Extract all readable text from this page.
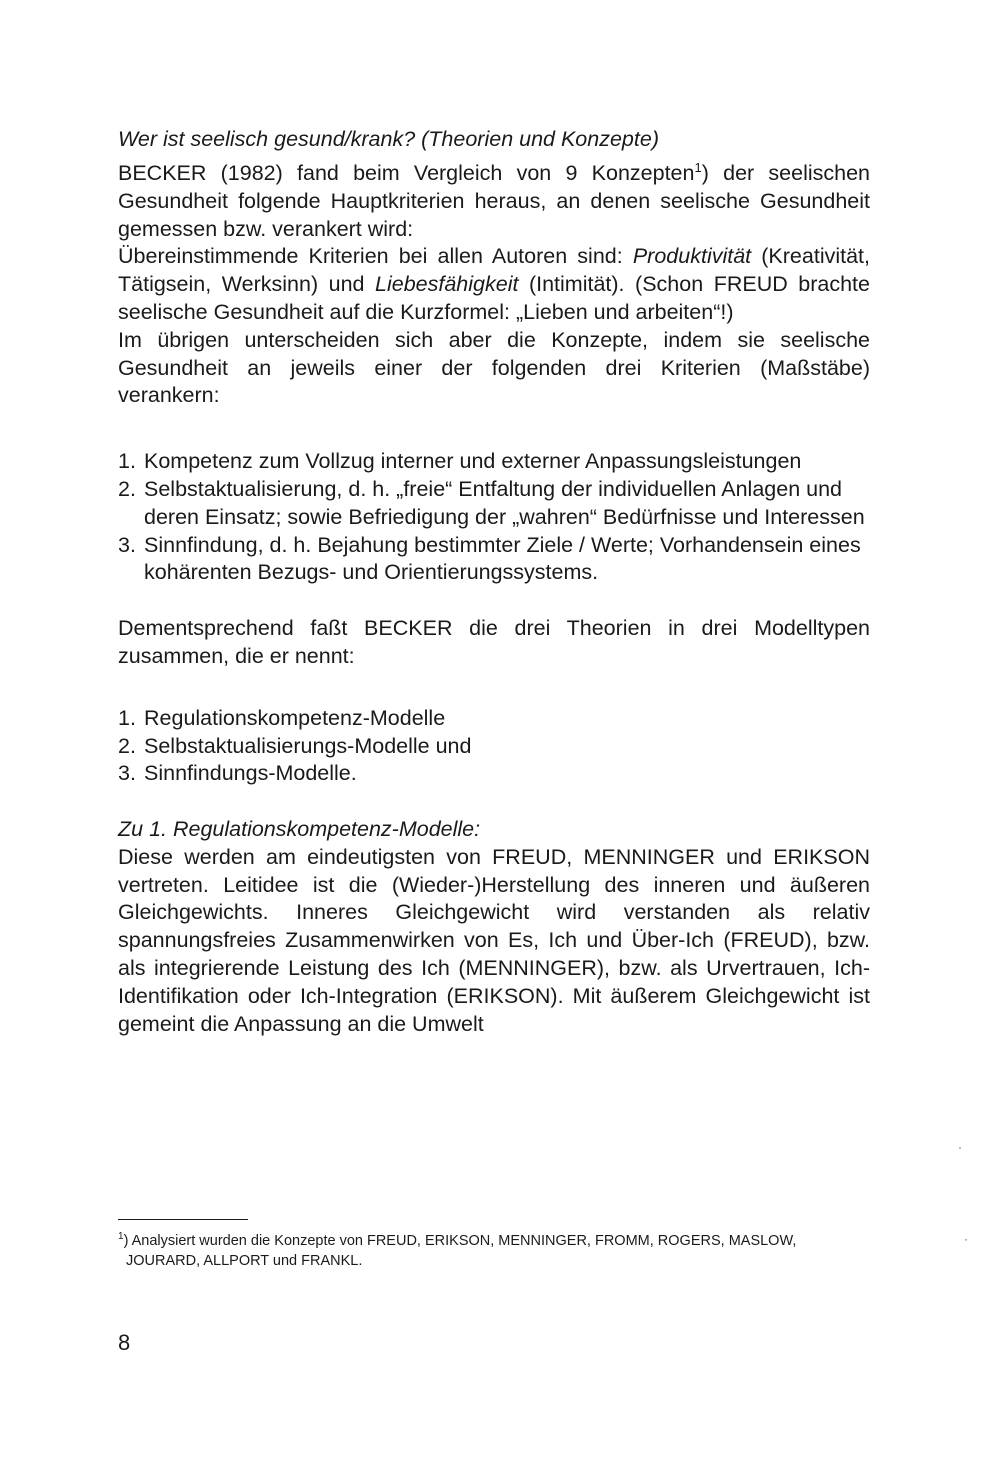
Wer ist seelisch gesund/krank? (Theorien und Konzepte)

BECKER (1982) fand beim Vergleich von 9 Konzepten$^1$) der seelischen Gesundheit folgende Hauptkriterien heraus, an denen seelische Gesundheit gemessen bzw. verankert wird:

Übereinstimmende Kriterien bei allen Autoren sind: Produktivität (Kreativität, Tätigsein, Werksinn) und Liebesfähigkeit (Intimität). (Schon FREUD brachte seelische Gesundheit auf die Kurzformel: „Lieben und arbeiten“!)

Im übrigen unterscheiden sich aber die Konzepte, indem sie seelische Gesundheit an jeweils einer der folgenden drei Kriterien (Maßstäbe) verankern:

1. Kompetenz zum Vollzug interner und externer Anpassungsleistungen
2. Selbstaktualisierung, d. h. „freie“ Entfaltung der individuellen Anlagen und deren Einsatz; sowie Befriedigung der „wahren“ Bedürfnisse und Interessen
3. Sinnfindung, d. h. Bejahung bestimmter Ziele / Werte; Vorhandensein eines kohärenten Bezugs- und Orientierungssystems.

Dementsprechend faßt BECKER die drei Theorien in drei Modelltypen zusammen, die er nennt:

1. Regulationskompetenz-Modelle
2. Selbstaktualisierungs-Modelle und
3. Sinnfindungs-Modelle.

Zu 1. Regulationskompetenz-Modelle:

Diese werden am eindeutigsten von FREUD, MENNINGER und ERIKSON vertreten. Leitidee ist die (Wieder-)Herstellung des inneren und äußeren Gleichgewichts. Inneres Gleichgewicht wird verstanden als relativ spannungsfreies Zusammenwirken von Es, Ich und Über-Ich (FREUD), bzw. als integrierende Leistung des Ich (MENNINGER), bzw. als Urvertrauen, Ich-Identifikation oder Ich-Integration (ERIKSON). Mit äußerem Gleichgewicht ist gemeint die Anpassung an die Umwelt

$^1$) Analysiert wurden die Konzepte von FREUD, ERIKSON, MENNINGER, FROMM, ROGERS, MASLOW,
JOURARD, ALLPORT und FRANKL.
8
·
·
